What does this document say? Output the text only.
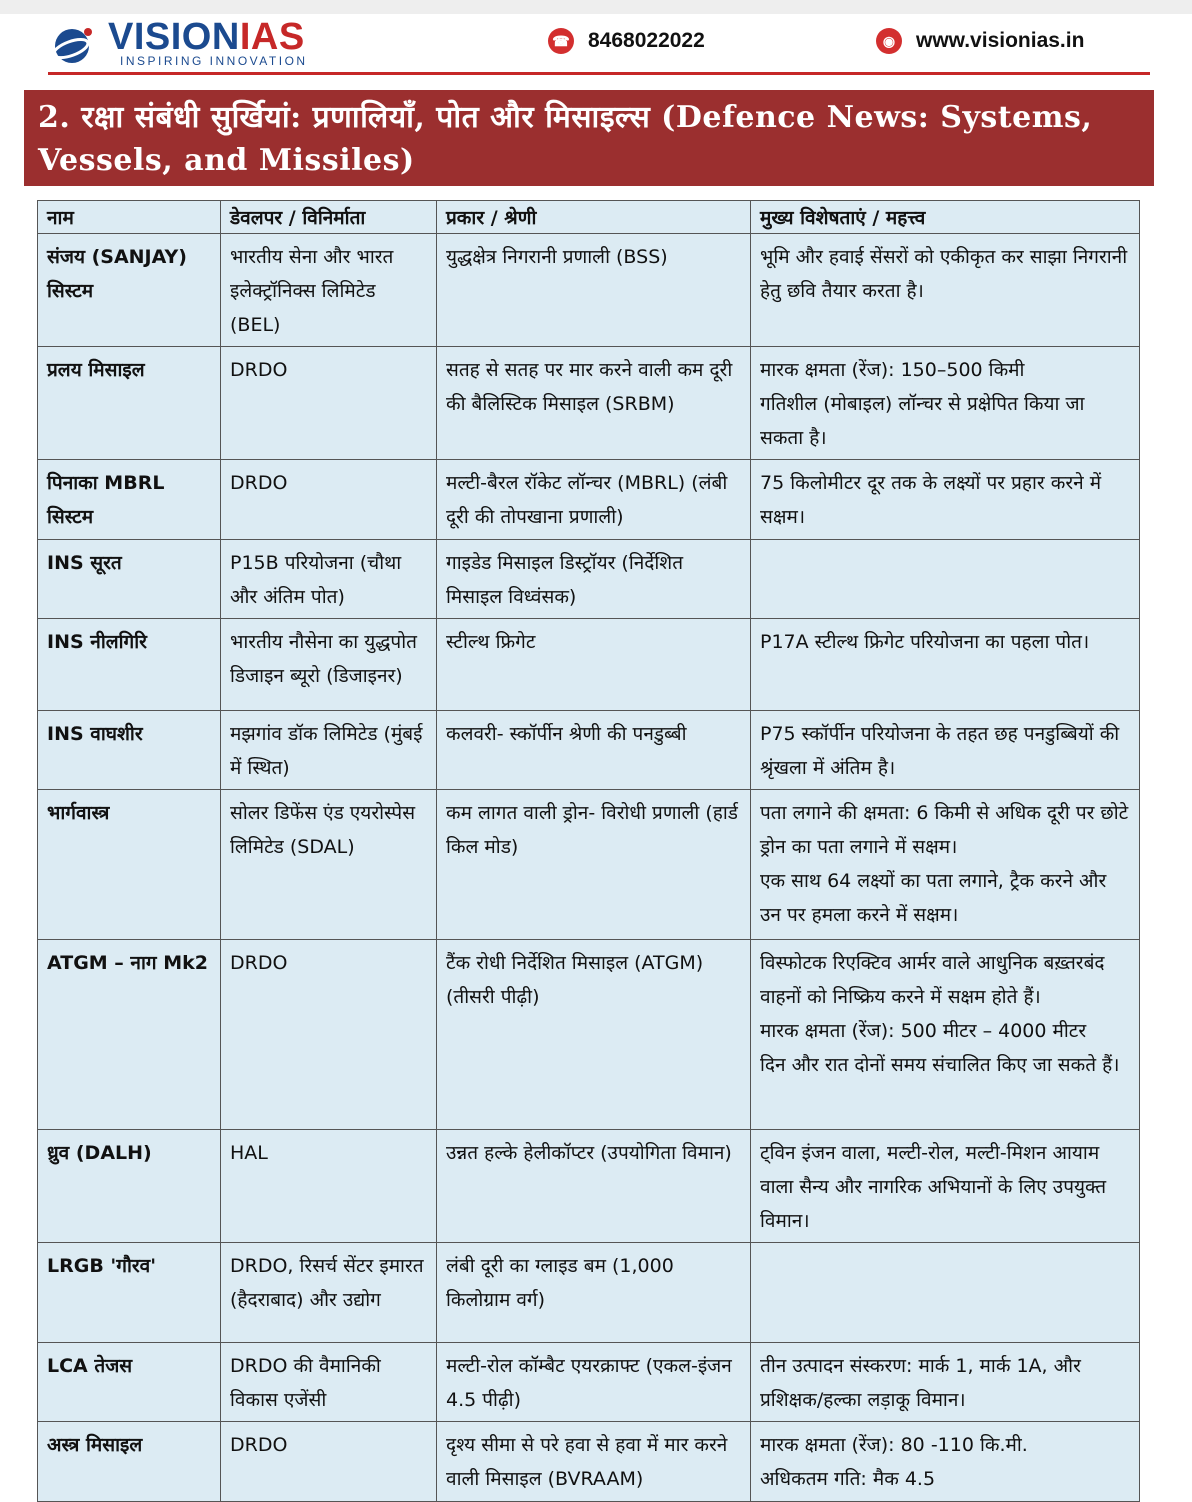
VISIONIAS
INSPIRING INNOVATION
☎ 8468022022	◉ www.visionias.in
2. रक्षा संबंधी सुर्खियां: प्रणालियाँ, पोत और मिसाइल्स (Defence News: Systems, Vessels, and Missiles)
नाम	डेवलपर / विनिर्माता	प्रकार / श्रेणी	मुख्य विशेषताएं / महत्त्व
संजय (SANJAY) सिस्टम	भारतीय सेना और भारत इलेक्ट्रॉनिक्स लिमिटेड (BEL)	युद्धक्षेत्र निगरानी प्रणाली (BSS)	भूमि और हवाई सेंसरों को एकीकृत कर साझा निगरानी हेतु छवि तैयार करता है।

प्रलय मिसाइल	DRDO	सतह से सतह पर मार करने वाली कम दूरी की बैलिस्टिक मिसाइल (SRBM)	मारक क्षमता (रेंज): 150–500 किमी
गतिशील (मोबाइल) लॉन्चर से प्रक्षेपित किया जा सकता है।

पिनाका MBRL सिस्टम	DRDO	मल्टी-बैरल रॉकेट लॉन्चर (MBRL) (लंबी दूरी की तोपखाना प्रणाली)	75 किलोमीटर दूर तक के लक्ष्यों पर प्रहार करने में सक्षम।

INS सूरत	P15B परियोजना (चौथा और अंतिम पोत)	गाइडेड मिसाइल डिस्ट्रॉयर (निर्देशित मिसाइल विध्वंसक)	
INS नीलगिरि	भारतीय नौसेना का युद्धपोत डिजाइन ब्यूरो (डिजाइनर)	स्टील्थ फ्रिगेट	P17A स्टील्थ फ्रिगेट परियोजना का पहला पोत।

INS वाघशीर	मझगांव डॉक लिमिटेड (मुंबई में स्थित)	कलवरी- स्कॉर्पीन श्रेणी की पनडुब्बी	P75 स्कॉर्पीन परियोजना के तहत छह पनडुब्बियों की श्रृंखला में अंतिम है।

भार्गवास्त्र	सोलर डिफेंस एंड एयरोस्पेस लिमिटेड (SDAL)	कम लागत वाली ड्रोन- विरोधी प्रणाली (हार्ड किल मोड)	पता लगाने की क्षमता: 6 किमी से अधिक दूरी पर छोटे ड्रोन का पता लगाने में सक्षम।
एक साथ 64 लक्ष्यों का पता लगाने, ट्रैक करने और उन पर हमला करने में सक्षम।

ATGM – नाग Mk2	DRDO	टैंक रोधी निर्देशित मिसाइल (ATGM) (तीसरी पीढ़ी)	विस्फोटक रिएक्टिव आर्मर वाले आधुनिक बख़्तरबंद वाहनों को निष्क्रिय करने में सक्षम होते हैं।
मारक क्षमता (रेंज): 500 मीटर – 4000 मीटर
दिन और रात दोनों समय संचालित किए जा सकते हैं।

ध्रुव (DALH)	HAL	उन्नत हल्के हेलीकॉप्टर (उपयोगिता विमान)	ट्विन इंजन वाला, मल्टी-रोल, मल्टी-मिशन आयाम वाला सैन्य और नागरिक अभियानों के लिए उपयुक्त विमान।

LRGB 'गौरव'	DRDO, रिसर्च सेंटर इमारत (हैदराबाद) और उद्योग	लंबी दूरी का ग्लाइड बम (1,000 किलोग्राम वर्ग)	
LCA तेजस	DRDO की वैमानिकी विकास एजेंसी	मल्टी-रोल कॉम्बैट एयरक्राफ्ट (एकल-इंजन 4.5 पीढ़ी)	तीन उत्पादन संस्करण: मार्क 1, मार्क 1A, और प्रशिक्षक/हल्का लड़ाकू विमान।

अस्त्र मिसाइल	DRDO	दृश्य सीमा से परे हवा से हवा में मार करने वाली मिसाइल (BVRAAM)	मारक क्षमता (रेंज): 80 -110 कि.मी.
अधिकतम गति: मैक 4.5
